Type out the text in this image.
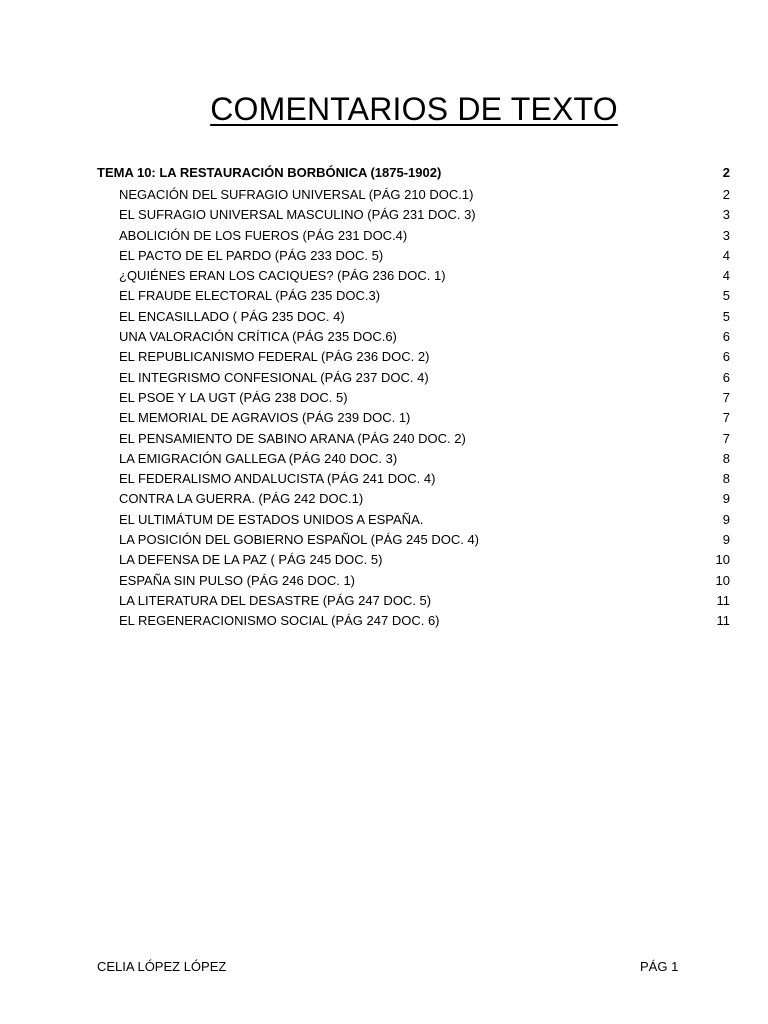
COMENTARIOS DE TEXTO
TEMA 10: LA RESTAURACIÓN BORBÓNICA (1875-1902)	2
NEGACIÓN DEL SUFRAGIO UNIVERSAL (PÁG 210 DOC.1)	2
EL SUFRAGIO UNIVERSAL MASCULINO (PÁG 231 DOC. 3)	3
ABOLICIÓN DE LOS FUEROS (PÁG 231 DOC.4)	3
EL PACTO DE EL PARDO (PÁG 233 DOC. 5)	4
¿QUIÉNES ERAN LOS CACIQUES? (PÁG 236 DOC. 1)	4
EL FRAUDE ELECTORAL (PÁG 235 DOC.3)	5
EL ENCASILLADO ( PÁG 235 DOC. 4)	5
UNA VALORACIÓN CRÍTICA (PÁG 235 DOC.6)	6
EL REPUBLICANISMO FEDERAL (PÁG 236 DOC. 2)	6
EL INTEGRISMO CONFESIONAL (PÁG 237 DOC. 4)	6
EL PSOE Y LA UGT (PÁG 238 DOC. 5)	7
EL MEMORIAL DE AGRAVIOS (PÁG 239 DOC. 1)	7
EL PENSAMIENTO DE SABINO ARANA (PÁG 240 DOC. 2)	7
LA EMIGRACIÓN GALLEGA (PÁG 240 DOC. 3)	8
EL FEDERALISMO ANDALUCISTA (PÁG 241 DOC. 4)	8
CONTRA LA GUERRA. (PÁG 242 DOC.1)	9
EL ULTIMÁTUM DE ESTADOS UNIDOS A ESPAÑA.	9
LA POSICIÓN DEL GOBIERNO ESPAÑOL (PÁG 245 DOC. 4)	9
LA DEFENSA DE LA PAZ ( PÁG 245 DOC. 5)	10
ESPAÑA SIN PULSO (PÁG 246 DOC. 1)	10
LA LITERATURA DEL DESASTRE (PÁG 247 DOC. 5)	11
EL REGENERACIONISMO SOCIAL (PÁG 247 DOC. 6)	11
CELIA LÓPEZ LÓPEZ	PÁG 1
